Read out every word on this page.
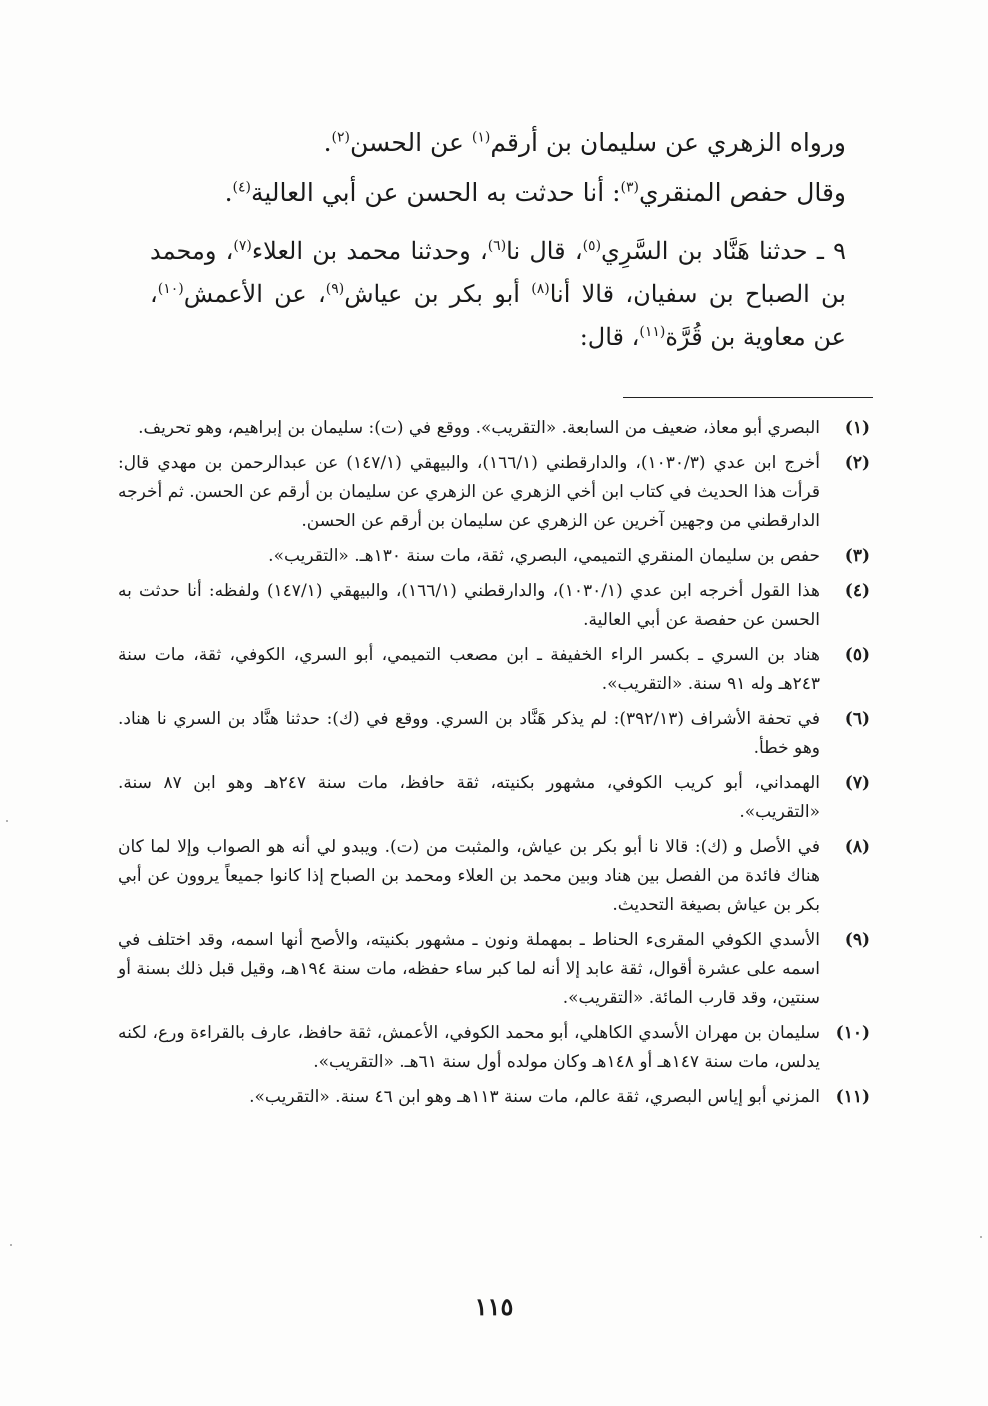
ورواه الزهري عن سليمان بن أرقم$^{(١)}$ عن الحسن$^{(٢)}$.
وقال حفص المنقري$^{(٣)}$: أنا حدثت به الحسن عن أبي العالية$^{(٤)}$.
٩ ـ حدثنا هَنَّاد بن السَّرِي$^{(٥)}$، قال نا$^{(٦)}$، وحدثنا محمد بن العلاء$^{(٧)}$، ومحمد بن الصباح بن سفيان، قالا أنا$^{(٨)}$ أبو بكر بن عياش$^{(٩)}$، عن الأعمش$^{(١٠)}$، عن معاوية بن قُرَّة$^{(١١)}$، قال:
(١)
البصري أبو معاذ، ضعيف من السابعة. «التقريب». ووقع في (ت): سليمان بن إبراهيم، وهو تحريف.
(٢)
أخرج ابن عدي (١٠٣٠/٣)، والدارقطني (١٦٦/١)، والبيهقي (١٤٧/١) عن عبدالرحمن بن مهدي قال: قرأت هذا الحديث في كتاب ابن أخي الزهري عن الزهري عن سليمان بن أرقم عن الحسن. ثم أخرجه الدارقطني من وجهين آخرين عن الزهري عن سليمان بن أرقم عن الحسن.
(٣)
حفص بن سليمان المنقري التميمي، البصري، ثقة، مات سنة ١٣٠هـ. «التقريب».
(٤)
هذا القول أخرجه ابن عدي (١٠٣٠/١)، والدارقطني (١٦٦/١)، والبيهقي (١٤٧/١) ولفظه: أنا حدثت به الحسن عن حفصة عن أبي العالية.
(٥)
هناد بن السري ـ بكسر الراء الخفيفة ـ ابن مصعب التميمي، أبو السري، الكوفي، ثقة، مات سنة ٢٤٣هـ وله ٩١ سنة. «التقريب».
(٦)
في تحفة الأشراف (٣٩٢/١٣): لم يذكر هَنَّاد بن السري. ووقع في (ك): حدثنا هنَّاد بن السري نا هناد. وهو خطأ.
(٧)
الهمداني، أبو كريب الكوفي، مشهور بكنيته، ثقة حافظ، مات سنة ٢٤٧هـ وهو ابن ٨٧ سنة. «التقريب».
(٨)
في الأصل و (ك): قالا نا أبو بكر بن عياش، والمثبت من (ت). ويبدو لي أنه هو الصواب وإلا لما كان هناك فائدة من الفصل بين هناد وبين محمد بن العلاء ومحمد بن الصباح إذا كانوا جميعاً يروون عن أبي بكر بن عياش بصيغة التحديث.
(٩)
الأسدي الكوفي المقرىء الحناط ـ بمهملة ونون ـ مشهور بكنيته، والأصح أنها اسمه، وقد اختلف في اسمه على عشرة أقوال، ثقة عابد إلا أنه لما كبر ساء حفظه، مات سنة ١٩٤هـ، وقيل قبل ذلك بسنة أو سنتين، وقد قارب المائة. «التقريب».
(١٠)
سليمان بن مهران الأسدي الكاهلي، أبو محمد الكوفي، الأعمش، ثقة حافظ، عارف بالقراءة ورع، لكنه يدلس، مات سنة ١٤٧هـ أو ١٤٨هـ وكان مولده أول سنة ٦١هـ. «التقريب».
(١١)
المزني أبو إياس البصري، ثقة عالم، مات سنة ١١٣هـ وهو ابن ٤٦ سنة. «التقريب».
١١٥
